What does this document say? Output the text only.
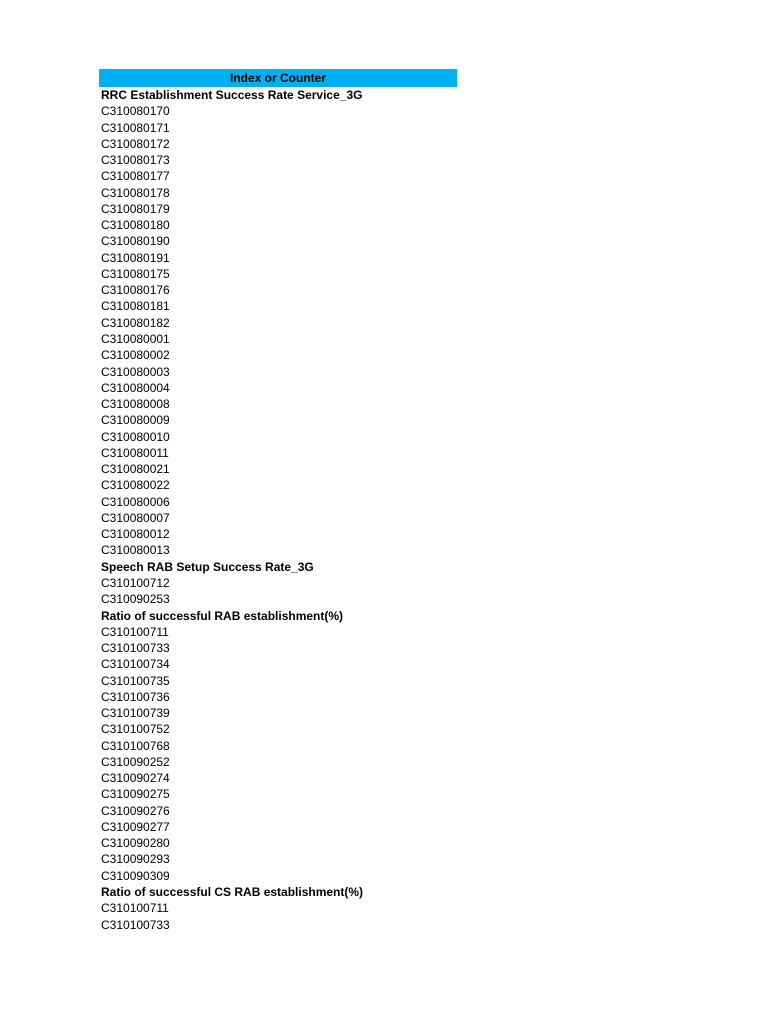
Index or Counter
RRC Establishment Success Rate Service_3G
C310080170
C310080171
C310080172
C310080173
C310080177
C310080178
C310080179
C310080180
C310080190
C310080191
C310080175
C310080176
C310080181
C310080182
C310080001
C310080002
C310080003
C310080004
C310080008
C310080009
C310080010
C310080011
C310080021
C310080022
C310080006
C310080007
C310080012
C310080013
Speech RAB Setup Success Rate_3G
C310100712
C310090253
Ratio of successful RAB establishment(%)
C310100711
C310100733
C310100734
C310100735
C310100736
C310100739
C310100752
C310100768
C310090252
C310090274
C310090275
C310090276
C310090277
C310090280
C310090293
C310090309
Ratio of successful CS RAB establishment(%)
C310100711
C310100733
